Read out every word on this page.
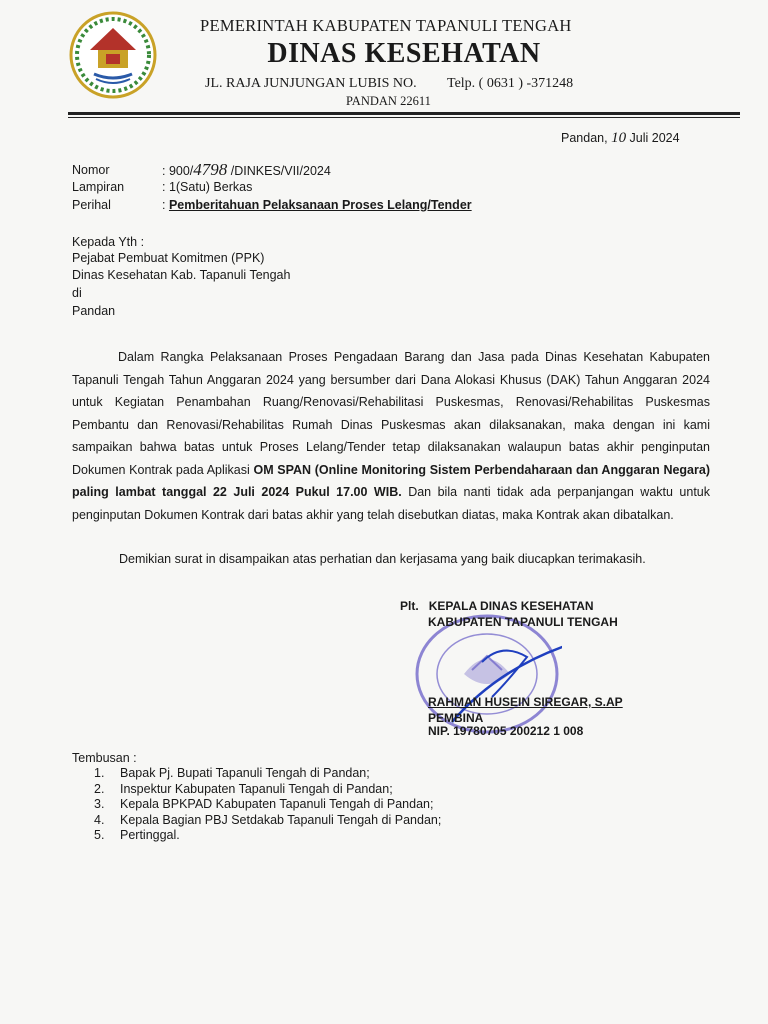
PEMERINTAH KABUPATEN TAPANULI TENGAH
DINAS KESEHATAN
JL. RAJA JUNJUNGAN LUBIS NO. Telp. ( 0631 ) -371248
PANDAN 22611
Pandan, 10 Juli 2024
Nomor	: 900/4798 /DINKES/VII/2024
Lampiran	: 1(Satu) Berkas
Perihal	: Pemberitahuan Pelaksanaan Proses Lelang/Tender
Kepada Yth :
Pejabat Pembuat Komitmen (PPK)
Dinas Kesehatan Kab. Tapanuli Tengah
di
Pandan
Dalam Rangka Pelaksanaan Proses Pengadaan Barang dan Jasa pada Dinas Kesehatan Kabupaten Tapanuli Tengah Tahun Anggaran 2024 yang bersumber dari Dana Alokasi Khusus (DAK) Tahun Anggaran 2024 untuk Kegiatan Penambahan Ruang/Renovasi/Rehabilitasi Puskesmas, Renovasi/Rehabilitas Puskesmas Pembantu dan Renovasi/Rehabilitas Rumah Dinas Puskesmas akan dilaksanakan, maka dengan ini kami sampaikan bahwa batas untuk Proses Lelang/Tender tetap dilaksanakan walaupun batas akhir penginputan Dokumen Kontrak pada Aplikasi OM SPAN (Online Monitoring Sistem Perbendaharaan dan Anggaran Negara) paling lambat tanggal 22 Juli 2024 Pukul 17.00 WIB. Dan bila nanti tidak ada perpanjangan waktu untuk penginputan Dokumen Kontrak dari batas akhir yang telah disebutkan diatas, maka Kontrak akan dibatalkan.
Demikian surat in disampaikan atas perhatian dan kerjasama yang baik diucapkan terimakasih.
Plt. KEPALA DINAS KESEHATAN
KABUPATEN TAPANULI TENGAH
RAHMAN HUSEIN SIREGAR, S.AP
PEMBINA
NIP. 19780705 200212 1 008
Tembusan :
1. Bapak Pj. Bupati Tapanuli Tengah di Pandan;
2. Inspektur Kabupaten Tapanuli Tengah di Pandan;
3. Kepala BPKPAD Kabupaten Tapanuli Tengah di Pandan;
4. Kepala Bagian PBJ Setdakab Tapanuli Tengah di Pandan;
5. Pertinggal.
